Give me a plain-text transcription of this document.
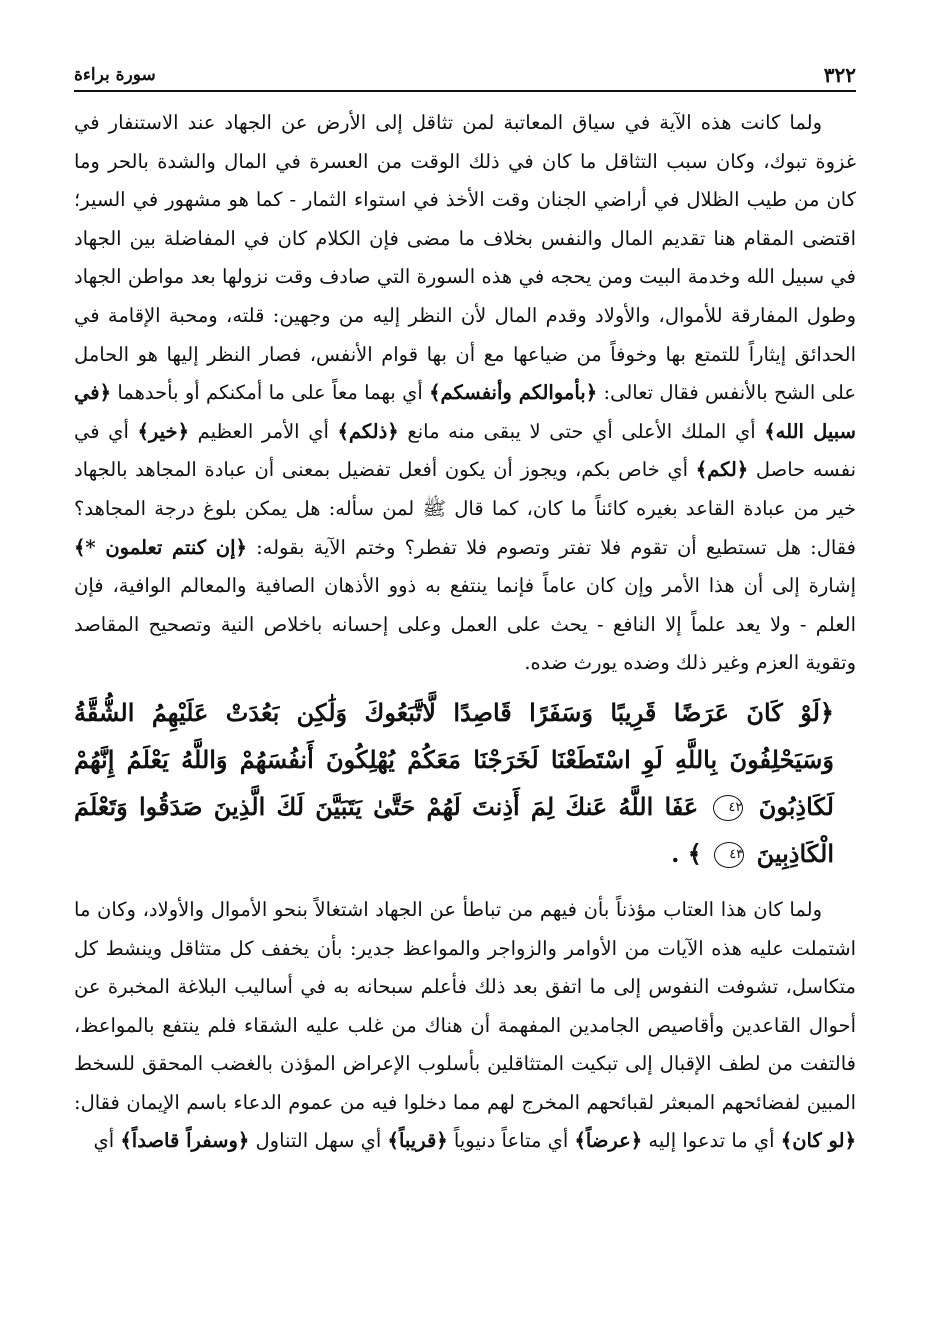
٣٢٢
سورة براءة

ولما كانت هذه الآية في سياق المعاتبة لمن تثاقل إلى الأرض عن الجهاد عند الاستنفار في غزوة تبوك، وكان سبب التثاقل ما كان في ذلك الوقت من العسرة في المال والشدة بالحر وما كان من طيب الظلال في أراضي الجنان وقت الأخذ في استواء الثمار - كما هو مشهور في السير؛ اقتضى المقام هنا تقديم المال والنفس بخلاف ما مضى فإن الكلام كان في المفاضلة بين الجهاد في سبيل الله وخدمة البيت ومن يحجه في هذه السورة التي صادف وقت نزولها بعد مواطن الجهاد وطول المفارقة للأموال، والأولاد وقدم المال لأن النظر إليه من وجهين: قلته، ومحبة الإقامة في الحدائق إيثاراً للتمتع بها وخوفاً من ضياعها مع أن بها قوام الأنفس، فصار النظر إليها هو الحامل على الشح بالأنفس فقال تعالى: ﴿بأموالكم وأنفسكم﴾ أي بهما معاً على ما أمكنكم أو بأحدهما ﴿في سبيل الله﴾ أي الملك الأعلى أي حتى لا يبقى منه مانع ﴿ذلكم﴾ أي الأمر العظيم ﴿خير﴾ أي في نفسه حاصل ﴿لكم﴾ أي خاص بكم، ويجوز أن يكون أفعل تفضيل بمعنى أن عبادة المجاهد بالجهاد خير من عبادة القاعد بغيره كائناً ما كان، كما قال ﷺ لمن سأله: هل يمكن بلوغ درجة المجاهد؟ فقال: هل تستطيع أن تقوم فلا تفتر وتصوم فلا تفطر؟ وختم الآية بقوله: ﴿إن كنتم تعلمون *﴾ إشارة إلى أن هذا الأمر وإن كان عاماً فإنما ينتفع به ذوو الأذهان الصافية والمعالم الوافية، فإن العلم - ولا يعد علماً إلا النافع - يحث على العمل وعلى إحسانه باخلاص النية وتصحيح المقاصد وتقوية العزم وغير ذلك وضده يورث ضده.

﴿لَوْ كَانَ عَرَضًا قَرِيبًا وَسَفَرًا قَاصِدًا لَّاتَّبَعُوكَ وَلَٰكِن بَعُدَتْ عَلَيْهِمُ الشُّقَّةُ وَسَيَحْلِفُونَ بِاللَّهِ لَوِ اسْتَطَعْنَا لَخَرَجْنَا مَعَكُمْ يُهْلِكُونَ أَنفُسَهُمْ وَاللَّهُ يَعْلَمُ إِنَّهُمْ لَكَاذِبُونَ ٤٢ عَفَا اللَّهُ عَنكَ لِمَ أَذِنتَ لَهُمْ حَتَّىٰ يَتَبَيَّنَ لَكَ الَّذِينَ صَدَقُوا وَتَعْلَمَ الْكَاذِبِينَ ٤٣ ﴾ .

ولما كان هذا العتاب مؤذناً بأن فيهم من تباطأ عن الجهاد اشتغالاً بنحو الأموال والأولاد، وكان ما اشتملت عليه هذه الآيات من الأوامر والزواجر والمواعظ جدير: بأن يخفف كل متثاقل وينشط كل متكاسل، تشوفت النفوس إلى ما اتفق بعد ذلك فأعلم سبحانه به في أساليب البلاغة المخبرة عن أحوال القاعدين وأقاصيص الجامدين المفهمة أن هناك من غلب عليه الشقاء فلم ينتفع بالمواعظ، فالتفت من لطف الإقبال إلى تبكيت المتثاقلين بأسلوب الإعراض المؤذن بالغضب المحقق للسخط المبين لفضائحهم المبعثر لقبائحهم المخرج لهم مما دخلوا فيه من عموم الدعاء باسم الإيمان فقال: ﴿لو كان﴾ أي ما تدعوا إليه ﴿عرضاً﴾ أي متاعاً دنيوياً ﴿قريباً﴾ أي سهل التناول ﴿وسفراً قاصداً﴾ أي
